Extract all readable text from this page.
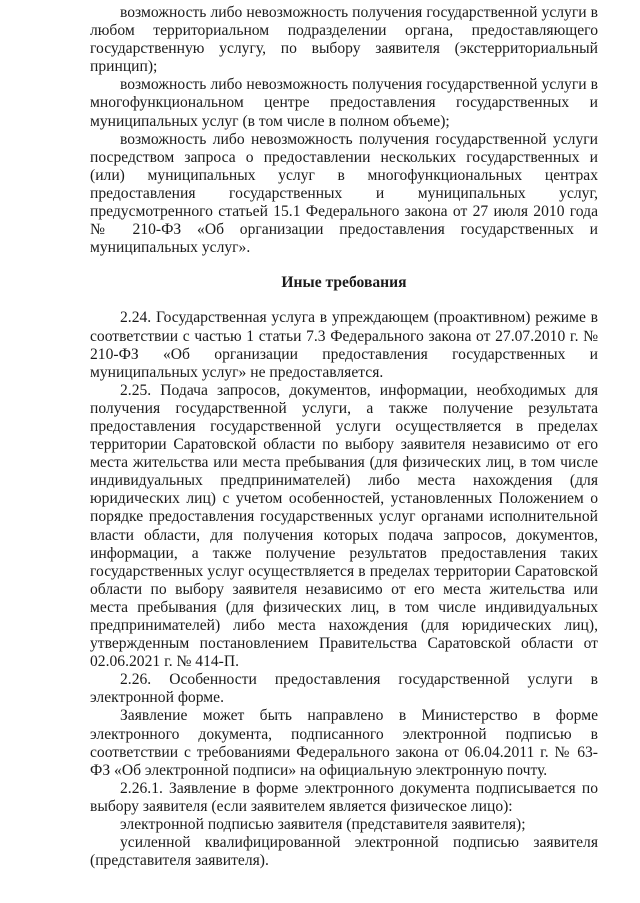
возможность либо невозможность получения государственной услуги в любом территориальном подразделении органа, предоставляющего государственную услугу, по выбору заявителя (экстерриториальный принцип);

возможность либо невозможность получения государственной услуги в многофункциональном центре предоставления государственных и муниципальных услуг (в том числе в полном объеме);

возможность либо невозможность получения государственной услуги посредством запроса о предоставлении нескольких государственных и (или) муниципальных услуг в многофункциональных центрах предоставления государственных и муниципальных услуг, предусмотренного статьей 15.1 Федерального закона от 27 июля 2010 года № 210-ФЗ «Об организации предоставления государственных и муниципальных услуг».

Иные требования

2.24. Государственная услуга в упреждающем (проактивном) режиме в соответствии с частью 1 статьи 7.3 Федерального закона от 27.07.2010 г. № 210-ФЗ «Об организации предоставления государственных и муниципальных услуг» не предоставляется.

2.25. Подача запросов, документов, информации, необходимых для получения государственной услуги, а также получение результата предоставления государственной услуги осуществляется в пределах территории Саратовской области по выбору заявителя независимо от его места жительства или места пребывания (для физических лиц, в том числе индивидуальных предпринимателей) либо места нахождения (для юридических лиц) с учетом особенностей, установленных Положением о порядке предоставления государственных услуг органами исполнительной власти области, для получения которых подача запросов, документов, информации, а также получение результатов предоставления таких государственных услуг осуществляется в пределах территории Саратовской области по выбору заявителя независимо от его места жительства или места пребывания (для физических лиц, в том числе индивидуальных предпринимателей) либо места нахождения (для юридических лиц), утвержденным постановлением Правительства Саратовской области от 02.06.2021 г. № 414-П.

2.26. Особенности предоставления государственной услуги в электронной форме.

Заявление может быть направлено в Министерство в форме электронного документа, подписанного электронной подписью в соответствии с требованиями Федерального закона от 06.04.2011 г. № 63-ФЗ «Об электронной подписи» на официальную электронную почту.

2.26.1. Заявление в форме электронного документа подписывается по выбору заявителя (если заявителем является физическое лицо):

электронной подписью заявителя (представителя заявителя);

усиленной квалифицированной электронной подписью заявителя (представителя заявителя).
